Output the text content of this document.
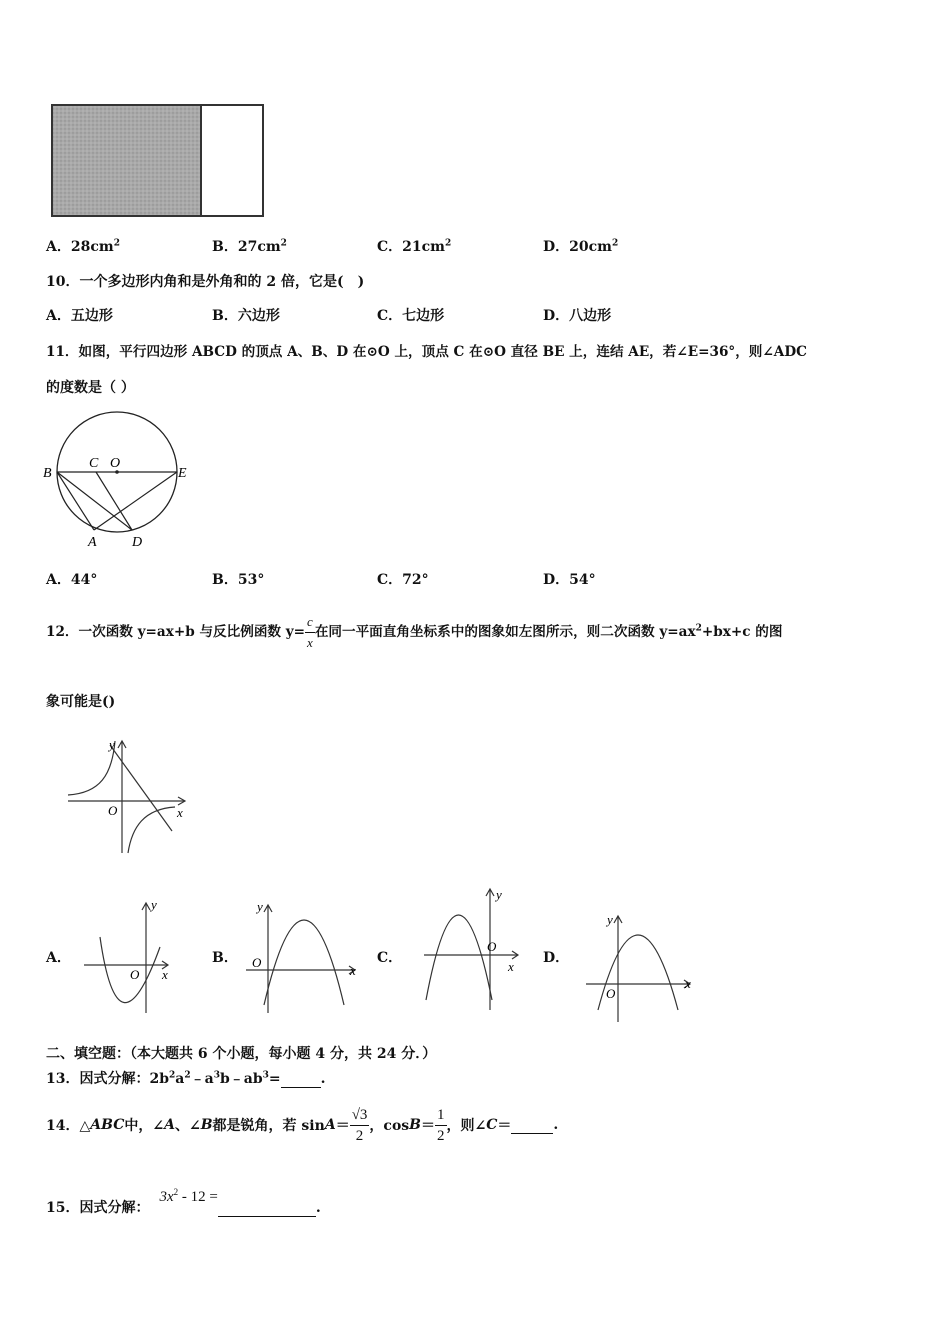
A．$28cm^2$	B．$27cm^2$	C．$21cm^2$	D．$20cm^2$
10．一个多边形内角和是外角和的 2 倍，它是(　)
A．五边形	B．六边形	C．七边形	D．八边形
11．如图，平行四边形 ABCD 的顶点 A、B、D 在⊙O 上，顶点 C 在⊙O 直径 BE 上，连结 AE，若∠E=36°，则∠ADC
的度数是（ ）
B
C O
E
A	D
A．44°	B．53°	C．72°	D．54°
12．一次函数 y=ax+b 与反比例函数 $y= \frac{c}{x}$ 在同一平面直角坐标系中的图象如左图所示，则二次函数 $y=ax^2+bx+c$ 的图
象可能是()
y
x
O
A．
y
x
O
B．
y
x
O	C．
y
x
O
D．
y
x
O
二、填空题：（本大题共 6 个小题，每小题 4 分，共 24 分．）
13．因式分解：$2b^2a^2﹣a^3b﹣ab^3=$	.
14．△ ABC 中，∠ A 、∠ B 都是锐角，若 $\sin A = \frac{√3}{2}$ ，$\cos B = \frac{1}{2}$ ，则∠ C ＝
	.
15．因式分解：$3x^2 - 12$ = .
